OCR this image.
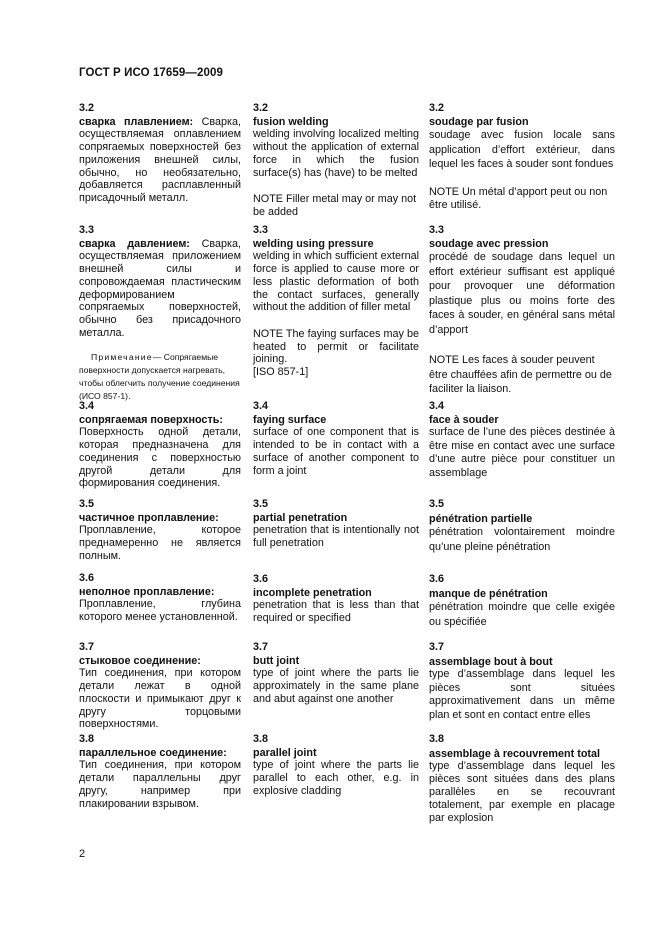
ГОСТ Р ИСО 17659—2009
3.2
сварка плавлением: Сварка, осуществляемая оплавлением сопрягаемых поверхностей без приложения внешней силы, обычно, но необязательно, добавляется расплавленный присадочный металл.
3.2
fusion welding
welding involving localized melting without the application of external force in which the fusion surface(s) has (have) to be melted
NOTE Filler metal may or may not be added
3.2
soudage par fusion
soudage avec fusion locale sans application d’effort extérieur, dans lequel les faces à souder sont fondues
NOTE Un métal d’apport peut ou non être utilisé.
3.3
сварка давлением: Сварка, осуществляемая приложением внешней силы и сопровождаемая пластическим деформированием сопрягаемых поверхностей, обычно без присадочного металла.
Примечание— Сопрягаемые поверхности допускается нагревать, чтобы облегчить получение соединения (ИСО 857-1).
3.3
welding using pressure
welding in which sufficient external force is applied to cause more or less plastic deformation of both the contact surfaces, generally without the addition of filler metal
NOTE The faying surfaces may be heated to permit or facilitate joining.
[ISO 857-1]
3.3
soudage avec pression
procédé de soudage dans lequel un effort extérieur suffisant est appliqué pour provoquer une déformation plastique plus ou moins forte des faces à souder, en général sans métal d’apport
NOTE Les faces à souder peuvent être chauffées afin de permettre ou de faciliter la liaison.
3.4
сопрягаемая поверхность:
Поверхность одной детали, которая предназначена для соединения с поверхностью другой детали для формирования соединения.
3.4
faying surface
surface of one component that is intended to be in contact with a surface of another component to form a joint
3.4
face à souder
surface de l’une des pièces destinée à être mise en contact avec une surface d’une autre pièce pour constituer un assemblage
3.5
частичное проплавление:
Проплавление, которое преднамеренно не является полным.
3.5
partial penetration
penetration that is intentionally not full penetration
3.5
pénétration partielle
pénétration volontairement moindre qu’une pleine pénétration
3.6
неполное проплавление:
Проплавление, глубина которого менее установленной.
3.6
incomplete penetration
penetration that is less than that required or specified
3.6
manque de pénétration
pénétration moindre que celle exigée ou spécifiée
3.7
стыковое соединение:
Тип соединения, при котором детали лежат в одной плоскости и примыкают друг к другу торцовыми поверхностями.
3.7
butt joint
type of joint where the parts lie approximately in the same plane and abut against one another
3.7
assemblage bout à bout
type d’assemblage dans lequel les pièces sont situées approximativement dans un même plan et sont en contact entre elles
3.8
параллельное соединение:
Тип соединения, при котором детали параллельны друг другу, например при плакировании взрывом.
3.8
parallel joint
type of joint where the parts lie parallel to each other, e.g. in explosive cladding
3.8
assemblage à recouvrement total
type d’assemblage dans lequel les pièces sont situées dans des plans parallèles en se recouvrant totalement, par exemple en placage par explosion
2
